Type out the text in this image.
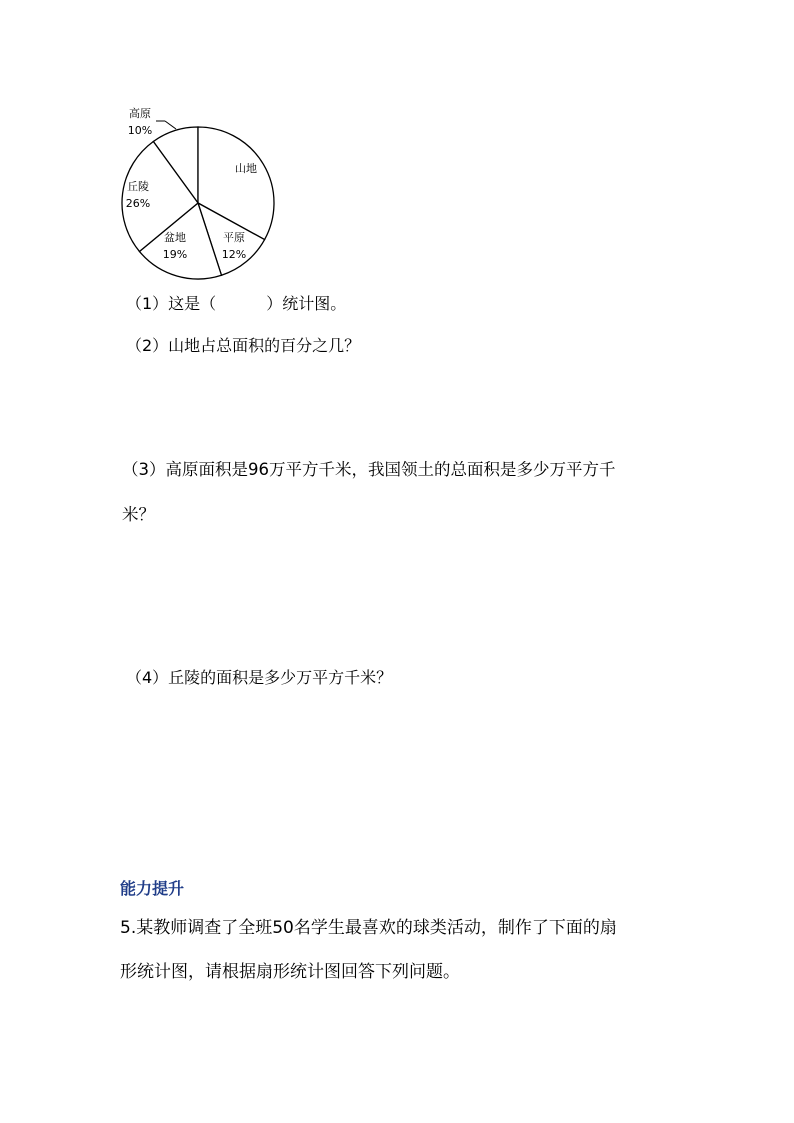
高原
10%
山地
平原
12%
盆地
19%
丘陵
26%
（1）这是（	）统计图。
（2）山地占总面积的百分之几？
（3）高原面积是96万平方千米，我国领土的总面积是多少万平方千
米？
（4）丘陵的面积是多少万平方千米？
能力提升
5.某教师调查了全班50名学生最喜欢的球类活动，制作了下面的扇
形统计图，请根据扇形统计图回答下列问题。
